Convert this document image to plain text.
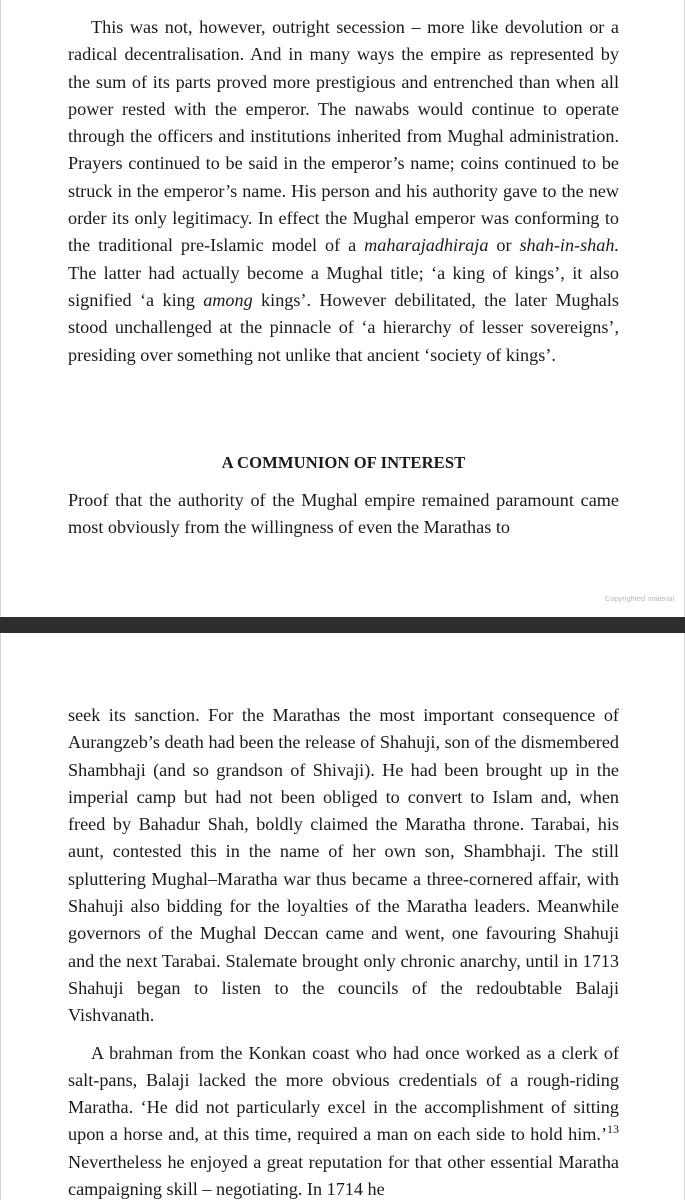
This was not, however, outright secession – more like devolution or a radical decentralisation. And in many ways the empire as represented by the sum of its parts proved more prestigious and entrenched than when all power rested with the emperor. The nawabs would continue to operate through the officers and institutions inherited from Mughal administration. Prayers continued to be said in the emperor’s name; coins continued to be struck in the emperor’s name. His person and his authority gave to the new order its only legitimacy. In effect the Mughal emperor was conforming to the traditional pre-Islamic model of a maharajadhiraja or shah-in-shah. The latter had actually become a Mughal title; ‘a king of kings’, it also signified ‘a king among kings’. However debilitated, the later Mughals stood unchallenged at the pinnacle of ‘a hierarchy of lesser sovereigns’, presiding over something not unlike that ancient ‘society of kings’.

A COMMUNION OF INTEREST

Proof that the authority of the Mughal empire remained paramount came most obviously from the willingness of even the Marathas to

Copyrighted material

seek its sanction. For the Marathas the most important consequence of Aurangzeb’s death had been the release of Shahuji, son of the dismembered Shambhaji (and so grandson of Shivaji). He had been brought up in the imperial camp but had not been obliged to convert to Islam and, when freed by Bahadur Shah, boldly claimed the Maratha throne. Tarabai, his aunt, contested this in the name of her own son, Shambhaji. The still spluttering Mughal–Maratha war thus became a three-cornered affair, with Shahuji also bidding for the loyalties of the Maratha leaders. Meanwhile governors of the Mughal Deccan came and went, one favouring Shahuji and the next Tarabai. Stalemate brought only chronic anarchy, until in 1713 Shahuji began to listen to the councils of the redoubtable Balaji Vishvanath.

A brahman from the Konkan coast who had once worked as a clerk of salt-pans, Balaji lacked the more obvious credentials of a rough-riding Maratha. ‘He did not particularly excel in the accomplishment of sitting upon a horse and, at this time, required a man on each side to hold him.’$^{13}$ Nevertheless he enjoyed a great reputation for that other essential Maratha campaigning skill – negotiating. In 1714 he
